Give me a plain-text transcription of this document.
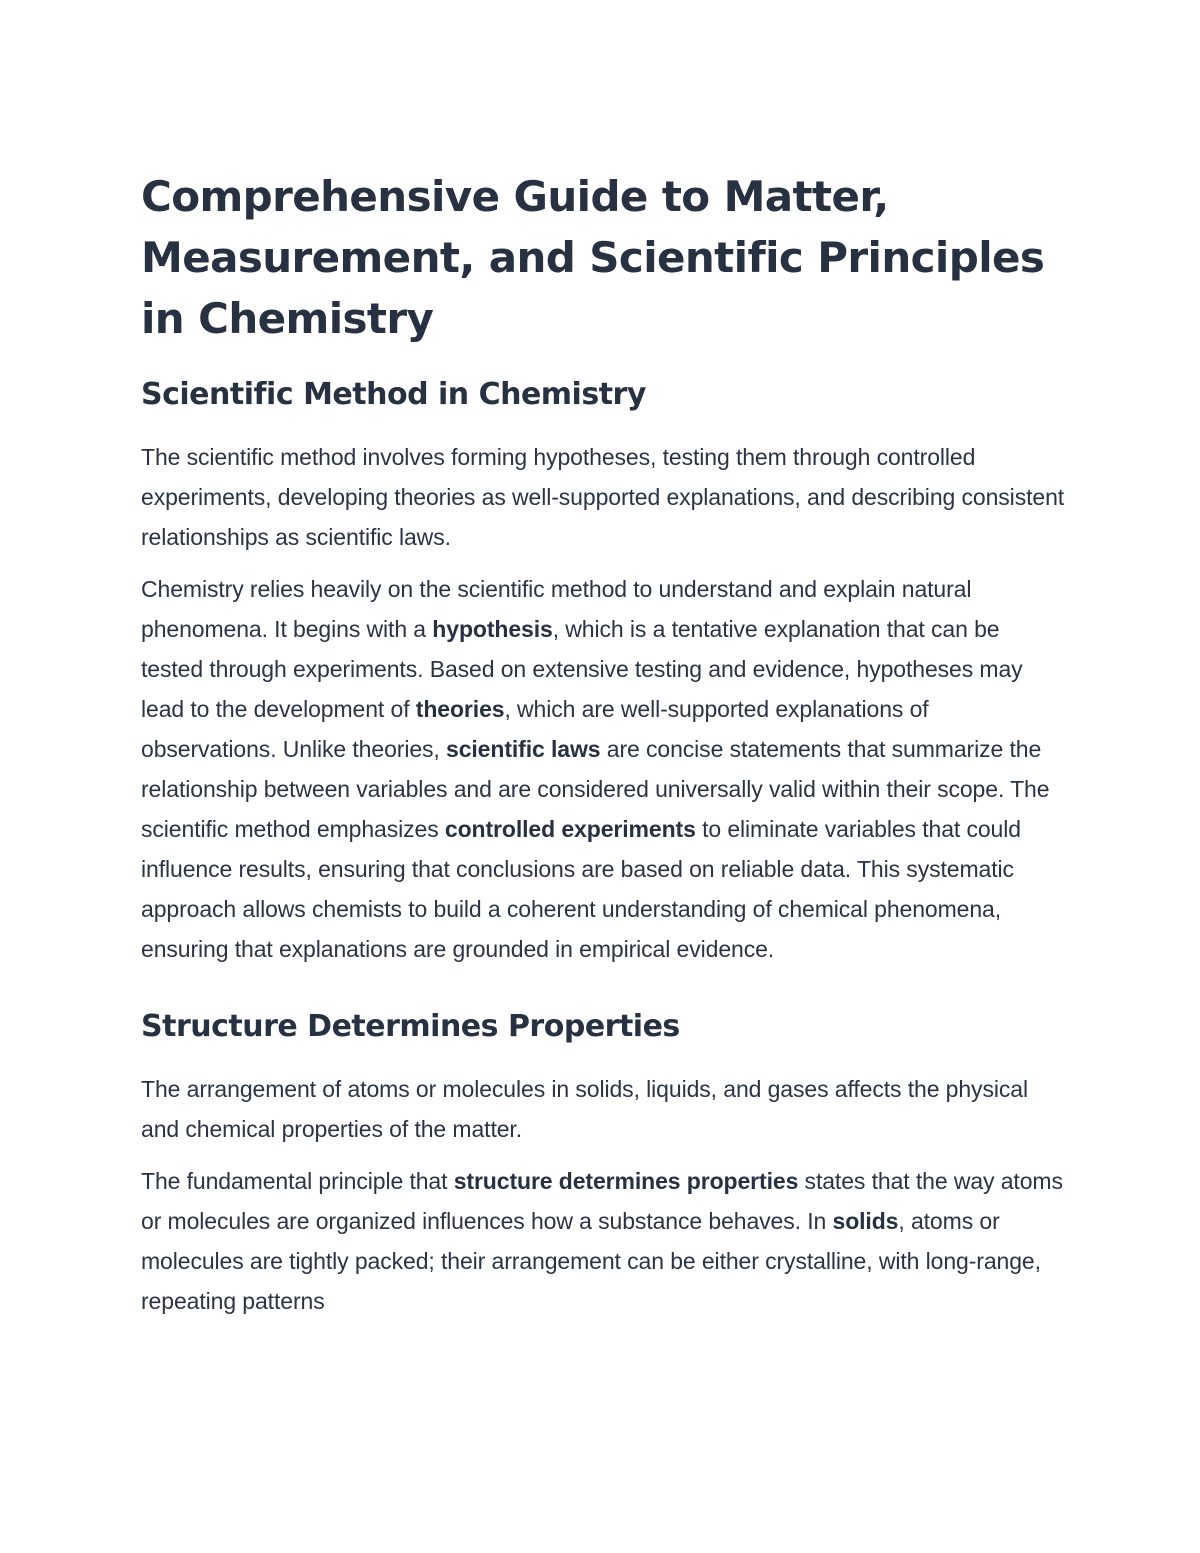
Comprehensive Guide to Matter, Measurement, and Scientific Principles in Chemistry
Scientific Method in Chemistry

The scientific method involves forming hypotheses, testing them through controlled experiments, developing theories as well-supported explanations, and describing consistent relationships as scientific laws.

Chemistry relies heavily on the scientific method to understand and explain natural phenomena. It begins with a hypothesis, which is a tentative explanation that can be tested through experiments. Based on extensive testing and evidence, hypotheses may lead to the development of theories, which are well-supported explanations of observations. Unlike theories, scientific laws are concise statements that summarize the relationship between variables and are considered universally valid within their scope. The scientific method emphasizes controlled experiments to eliminate variables that could influence results, ensuring that conclusions are based on reliable data. This systematic approach allows chemists to build a coherent understanding of chemical phenomena, ensuring that explanations are grounded in empirical evidence.

Structure Determines Properties

The arrangement of atoms or molecules in solids, liquids, and gases affects the physical and chemical properties of the matter.

The fundamental principle that structure determines properties states that the way atoms or molecules are organized influences how a substance behaves. In solids, atoms or molecules are tightly packed; their arrangement can be either crystalline, with long-range, repeating patterns
